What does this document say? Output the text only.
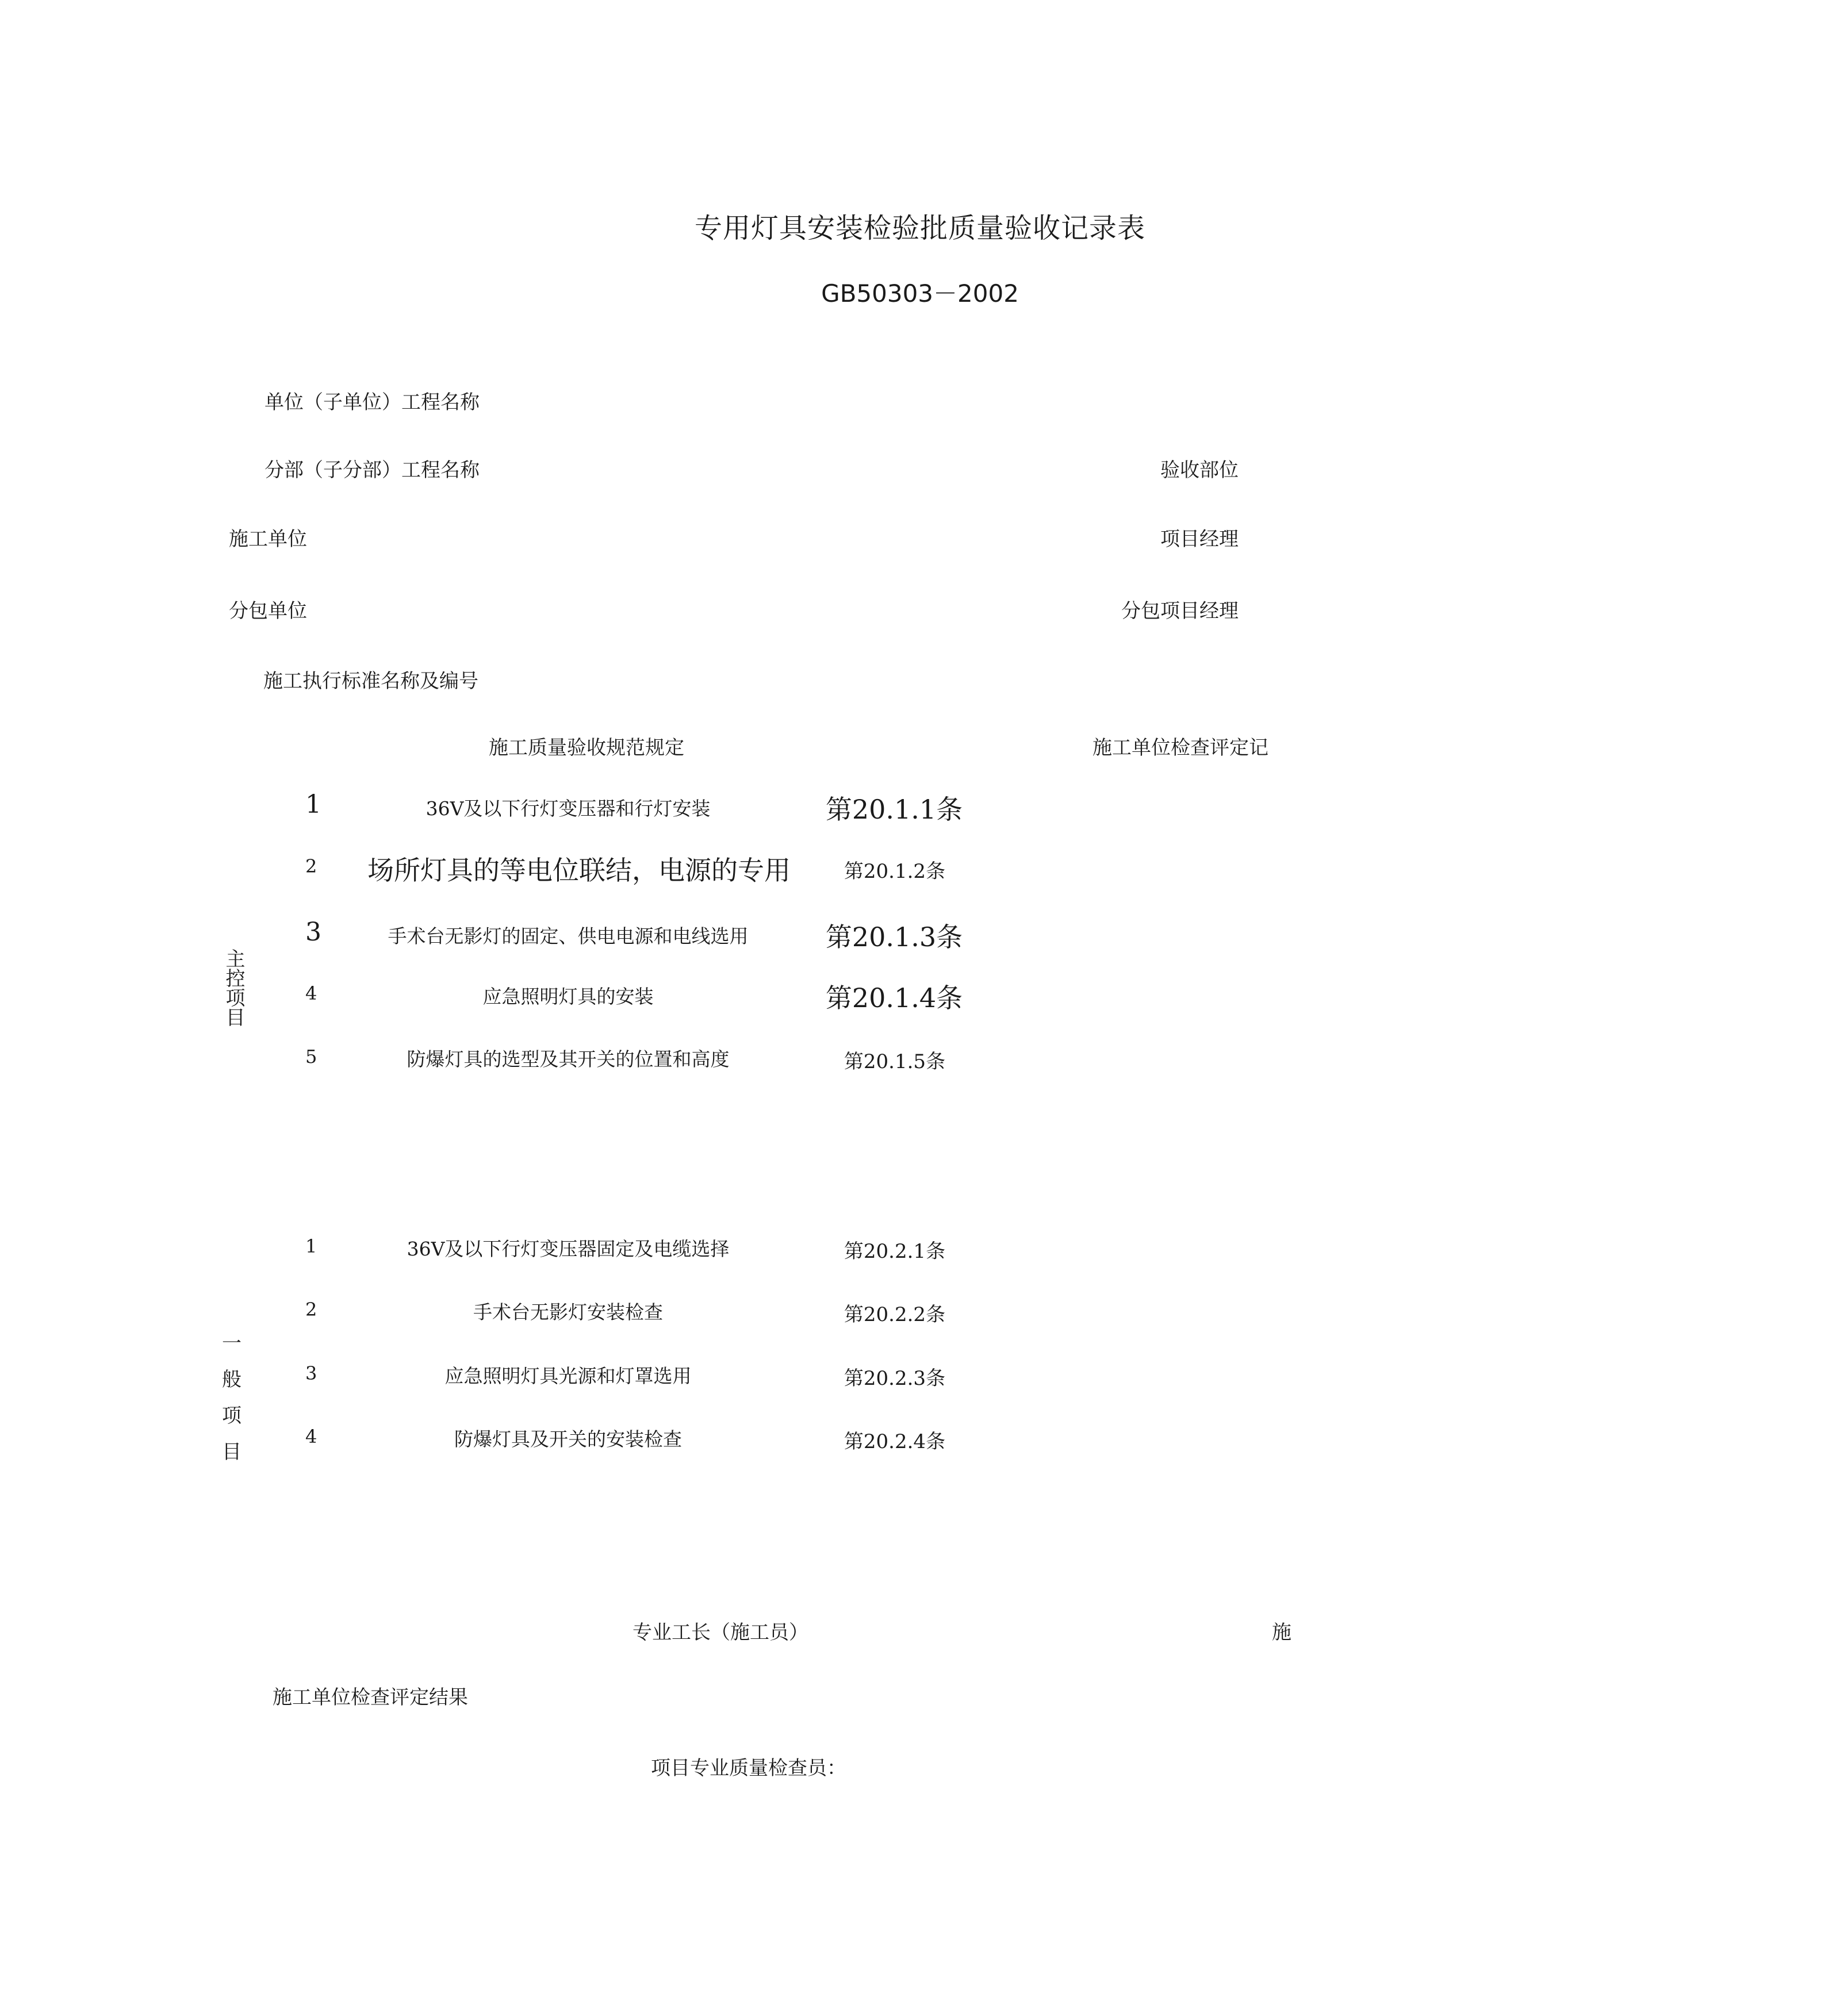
专用灯具安装检验批质量验收记录表
GB50303－2002
单位（子单位）工程名称
分部（子分部）工程名称	验收部位
施工单位	项目经理
分包单位	分包项目经理
施工执行标准名称及编号
施工质量验收规范规定	施工单位检查评定记
主控项目
1	36V及以下行灯变压器和行灯安装	第20.1.1条
2 场所灯具的等电位联结，电源的专用	第20.1.2条
3	手术台无影灯的固定、供电电源和电线选用	第20.1.3条
4	应急照明灯具的安装	第20.1.4条
5	防爆灯具的选型及其开关的位置和高度	第20.1.5条
一般项目
1	36V及以下行灯变压器固定及电缆选择	第20.2.1条
2	手术台无影灯安装检查	第20.2.2条
3	应急照明灯具光源和灯罩选用	第20.2.3条
4	防爆灯具及开关的安装检查	第20.2.4条
专业工长（施工员）	施
施工单位检查评定结果
项目专业质量检查员：
